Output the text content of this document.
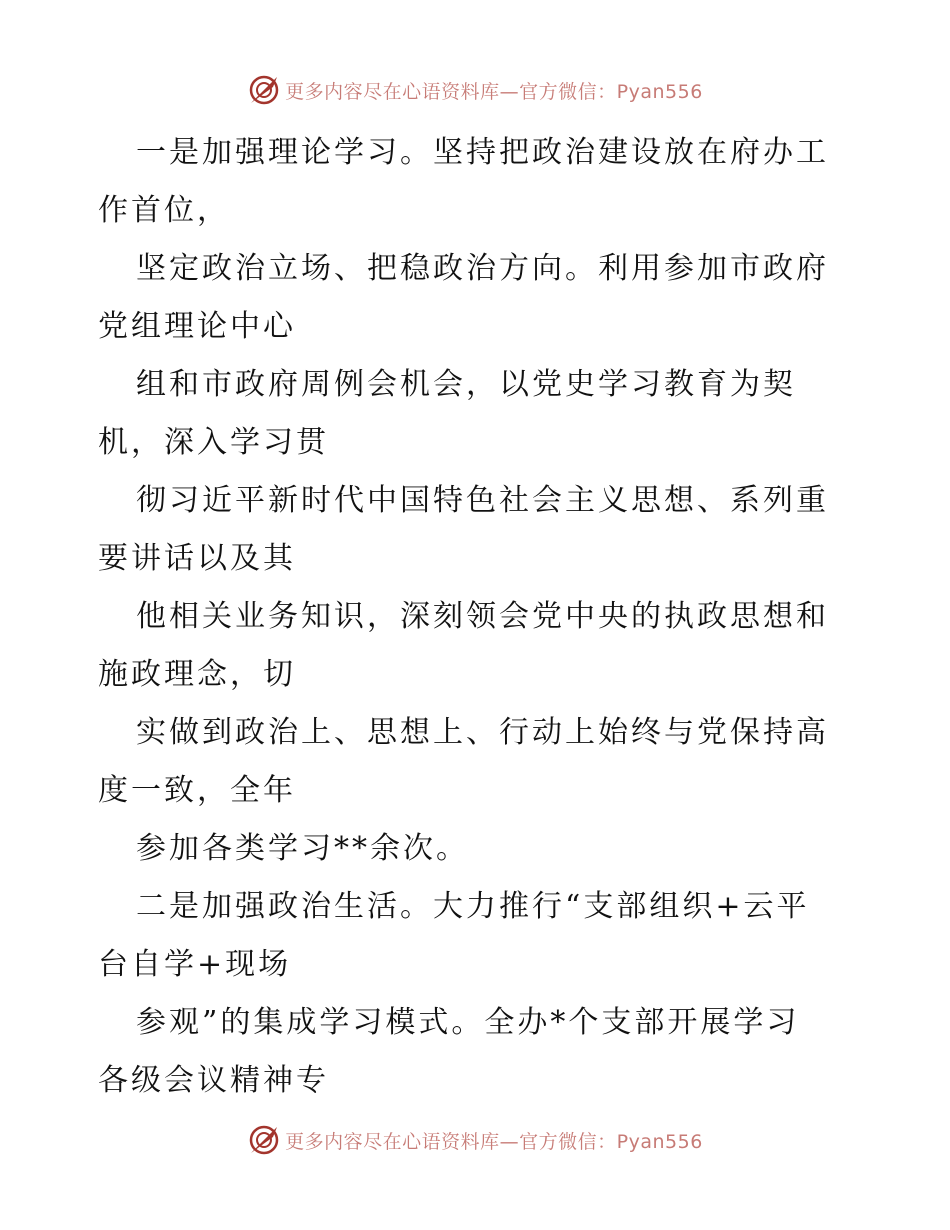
更多内容尽在心语资料库—官方微信：Pyan556
一是加强理论学习。坚持把政治建设放在府办工
作首位，
坚定政治立场、把稳政治方向。利用参加市政府
党组理论中心
组和市政府周例会机会，以党史学习教育为契
机，深入学习贯
彻习近平新时代中国特色社会主义思想、系列重
要讲话以及其
他相关业务知识，深刻领会党中央的执政思想和
施政理念，切
实做到政治上、思想上、行动上始终与党保持高
度一致，全年
参加各类学习**余次。
二是加强政治生活。大力推行“支部组织+云平
台自学+现场
参观”的集成学习模式。全办*个支部开展学习
各级会议精神专
更多内容尽在心语资料库—官方微信：Pyan556
